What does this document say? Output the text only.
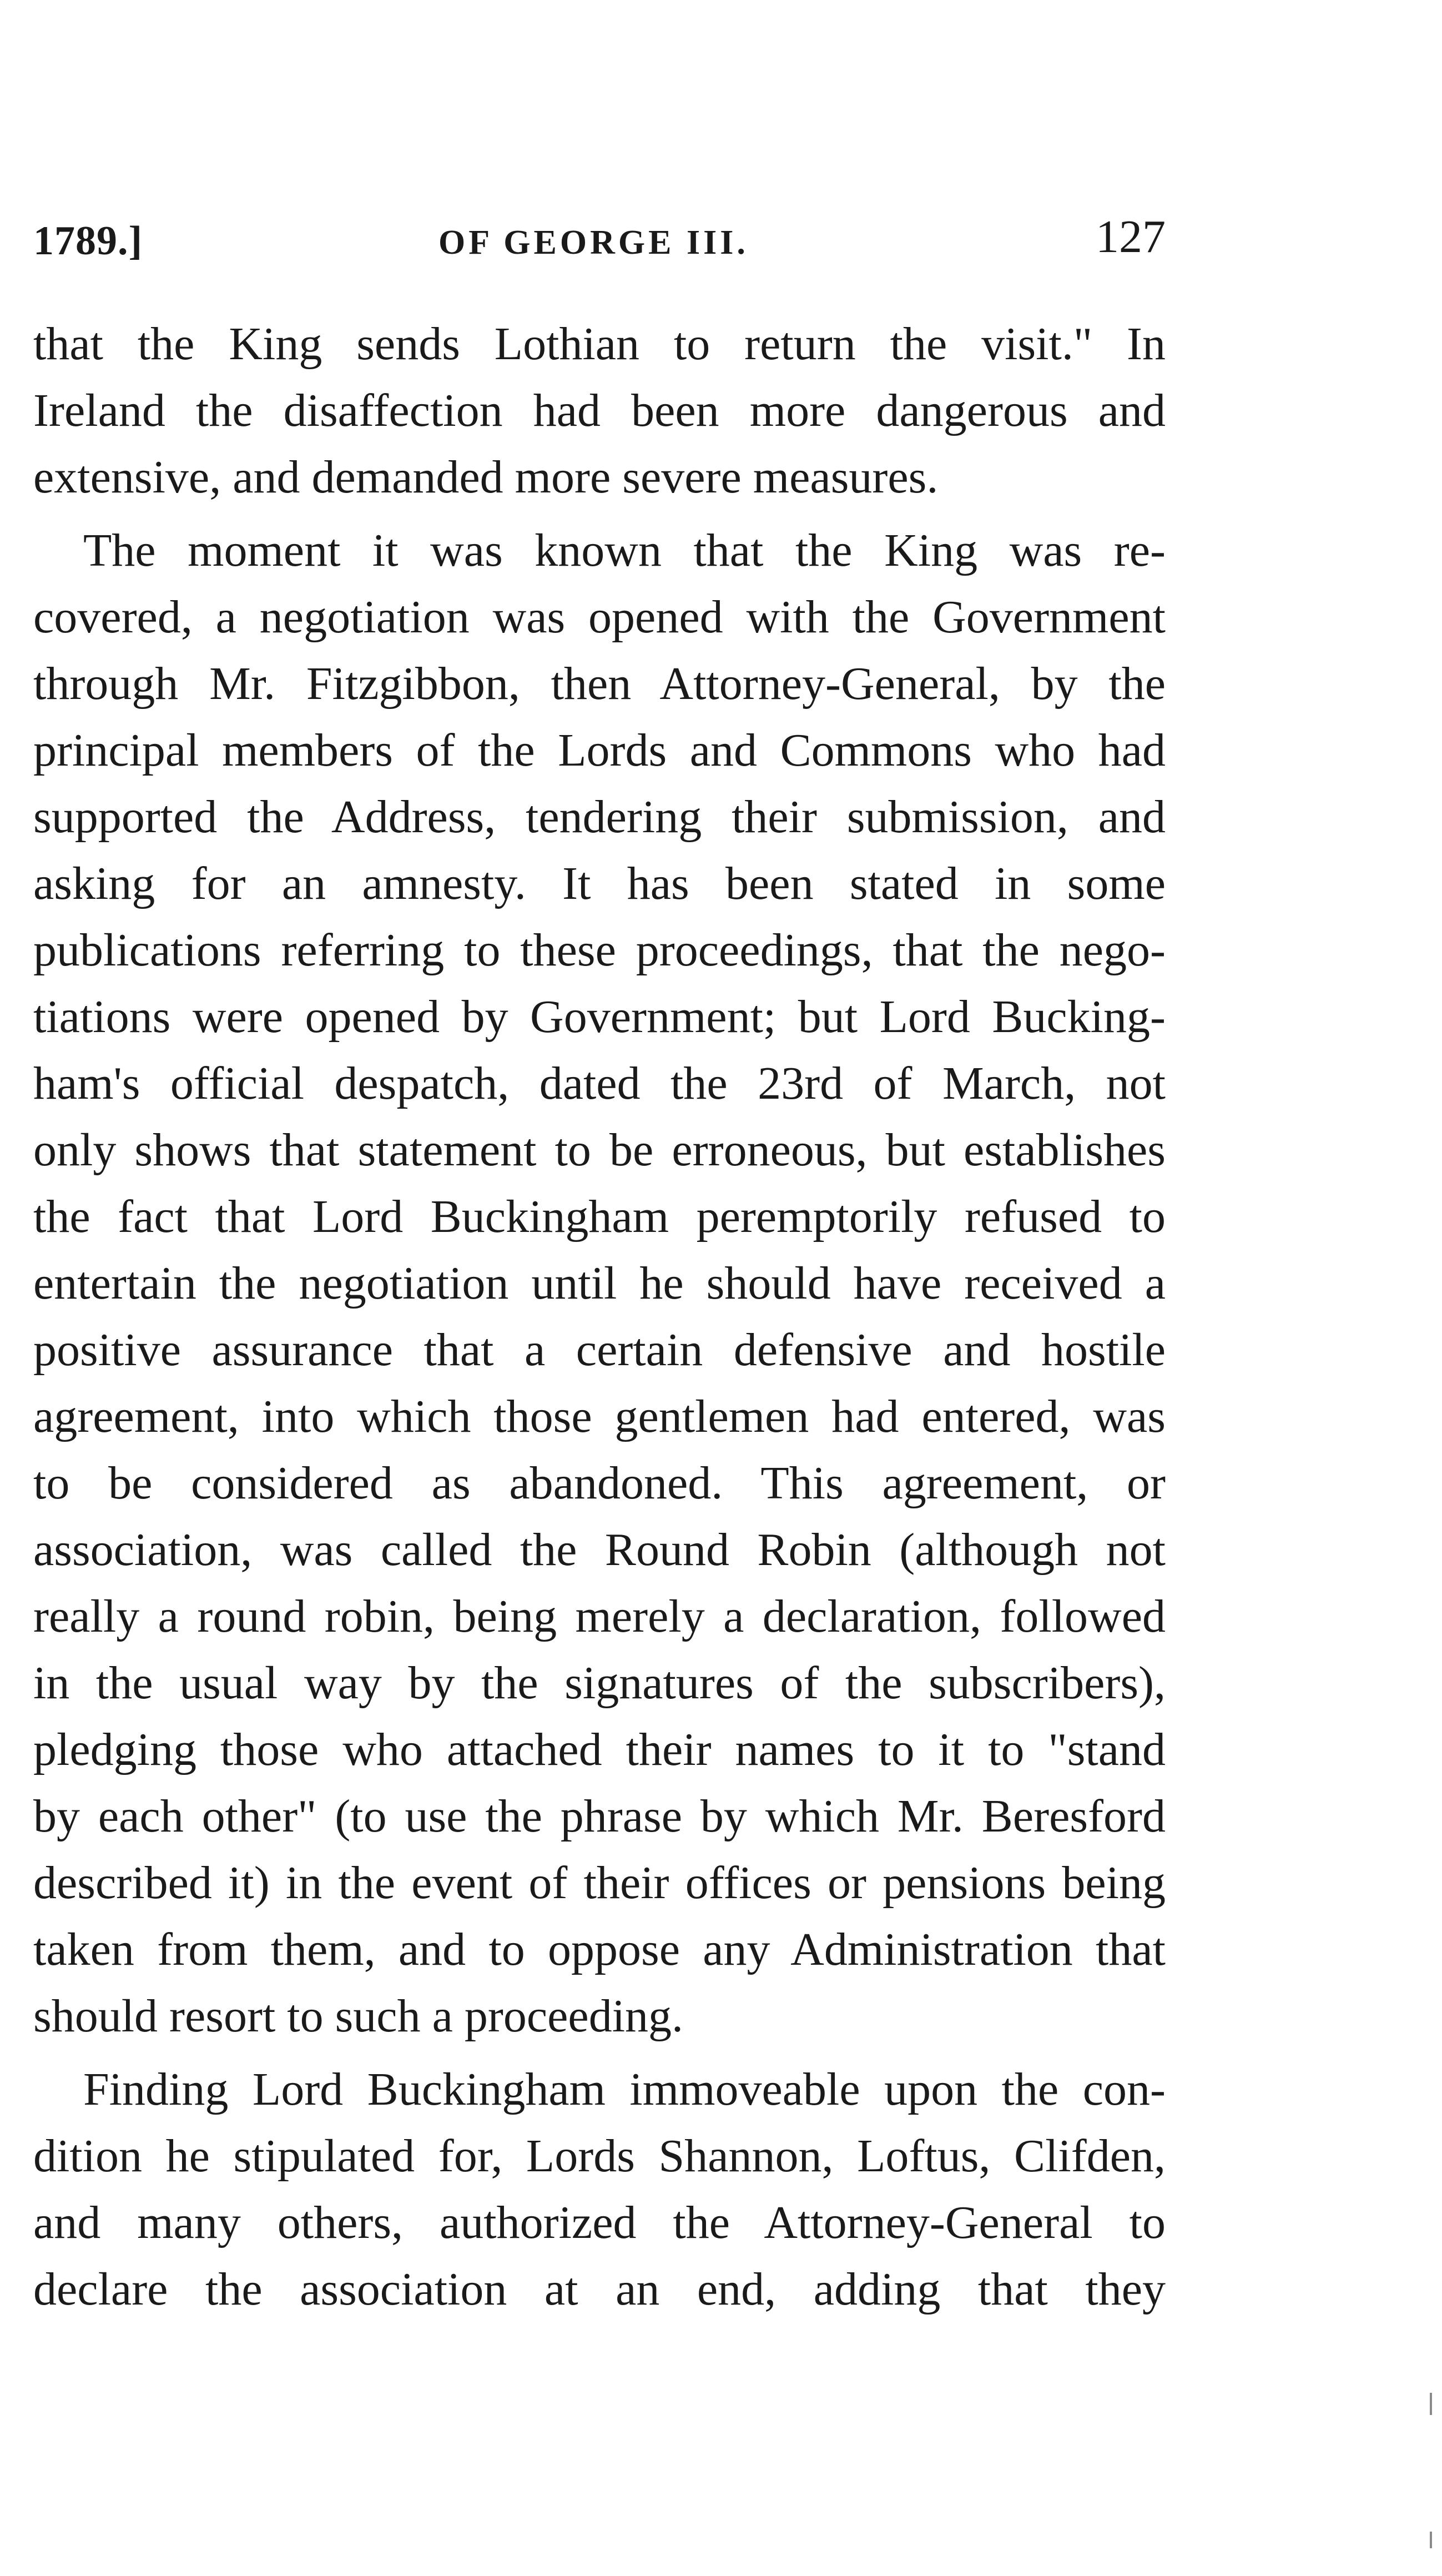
1789.]	OF GEORGE III.	127
that the King sends Lothian to return the visit." In
Ireland the disaffection had been more dangerous and
extensive, and demanded more severe measures.
The moment it was known that the King was re-
covered, a negotiation was opened with the Government
through Mr. Fitzgibbon, then Attorney-General, by the
principal members of the Lords and Commons who had
supported the Address, tendering their submission, and
asking for an amnesty. It has been stated in some
publications referring to these proceedings, that the nego-
tiations were opened by Government; but Lord Bucking-
ham's official despatch, dated the 23rd of March, not
only shows that statement to be erroneous, but establishes
the fact that Lord Buckingham peremptorily refused to
entertain the negotiation until he should have received a
positive assurance that a certain defensive and hostile
agreement, into which those gentlemen had entered, was
to be considered as abandoned. This agreement, or
association, was called the Round Robin (although not
really a round robin, being merely a declaration, followed
in the usual way by the signatures of the subscribers),
pledging those who attached their names to it to "stand
by each other" (to use the phrase by which Mr. Beresford
described it) in the event of their offices or pensions being
taken from them, and to oppose any Administration that
should resort to such a proceeding.
Finding Lord Buckingham immoveable upon the con-
dition he stipulated for, Lords Shannon, Loftus, Clifden,
and many others, authorized the Attorney-General to
declare the association at an end, adding that they
